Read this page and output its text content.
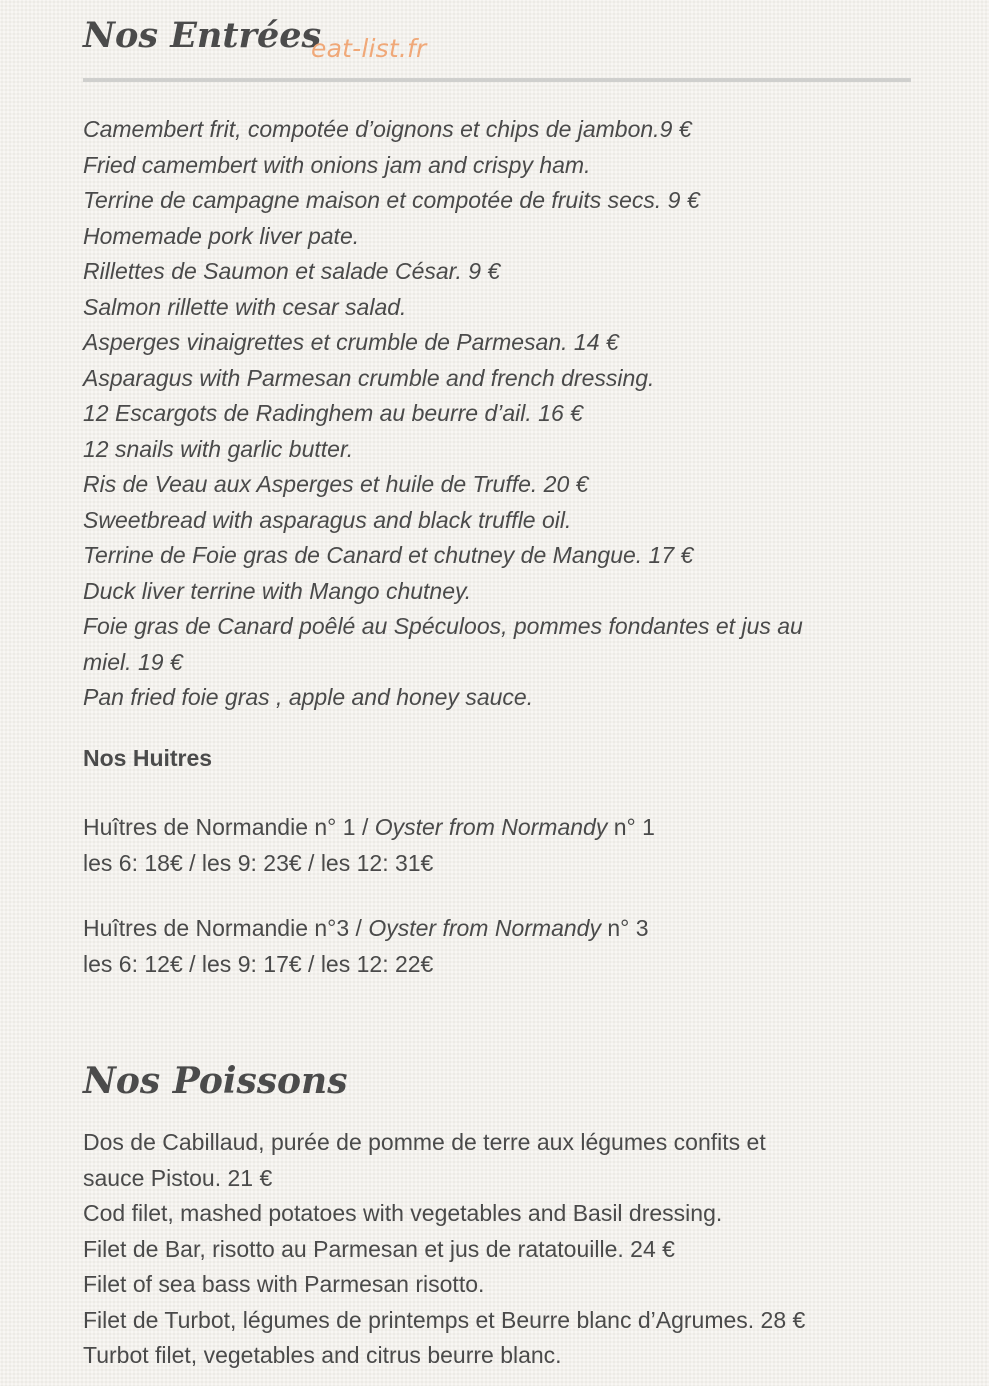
Nos Entrées
eat-list.fr
Camembert frit, compotée d’oignons et chips de jambon.9 €
Fried camembert with onions jam and crispy ham.
Terrine de campagne maison et compotée de fruits secs. 9 €
Homemade pork liver pate.
Rillettes de Saumon et salade César. 9 €
Salmon rillette with cesar salad.
Asperges vinaigrettes et crumble de Parmesan. 14 €
Asparagus with Parmesan crumble and french dressing.
12 Escargots de Radinghem au beurre d’ail. 16 €
12 snails with garlic butter.
Ris de Veau aux Asperges et huile de Truffe. 20 €
Sweetbread with asparagus and black truffle oil.
Terrine de Foie gras de Canard et chutney de Mangue. 17 €
Duck liver terrine with Mango chutney.
Foie gras de Canard poêlé au Spéculoos, pommes fondantes et jus au
miel. 19 €
Pan fried foie gras , apple and honey sauce.
Nos Huitres
Huîtres de Normandie n° 1 / Oyster from Normandy n° 1
les 6: 18€ / les 9: 23€ / les 12: 31€
Huîtres de Normandie n°3 / Oyster from Normandy n° 3
les 6: 12€ / les 9: 17€ / les 12: 22€
Nos Poissons
Dos de Cabillaud, purée de pomme de terre aux légumes confits et
sauce Pistou. 21 €
Cod filet, mashed potatoes with vegetables and Basil dressing.
Filet de Bar, risotto au Parmesan et jus de ratatouille. 24 €
Filet of sea bass with Parmesan risotto.
Filet de Turbot, légumes de printemps et Beurre blanc d’Agrumes. 28 €
Turbot filet, vegetables and citrus beurre blanc.
